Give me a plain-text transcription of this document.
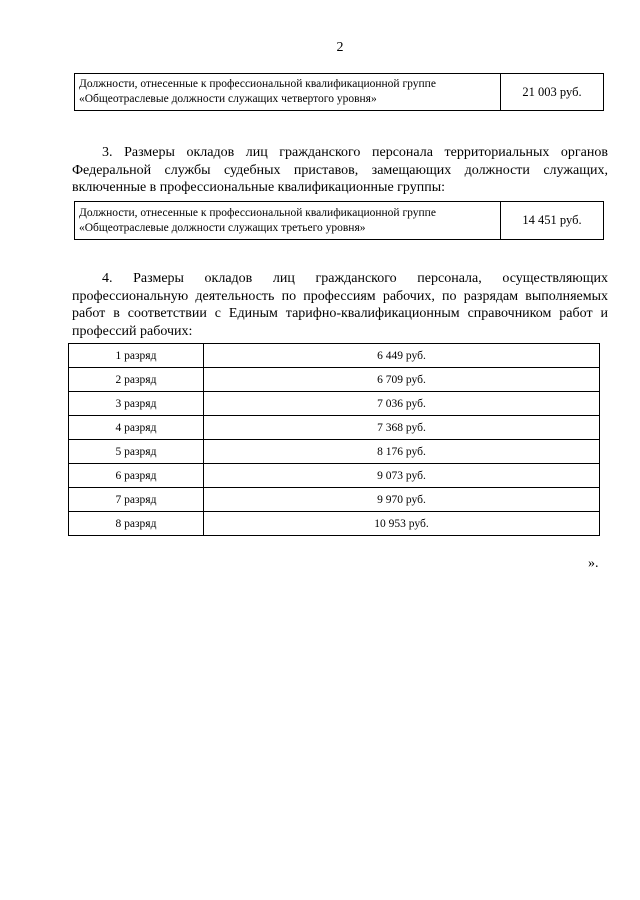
2
Должности, отнесенные к профессиональной квалификационной группе
«Общеотраслевые должности служащих четвертого уровня»
	21 003 руб.

3. Размеры окладов лиц гражданского персонала территориальных органов Федеральной службы судебных приставов, замещающих должности служащих, включенные в профессиональные квалификационные группы:

Должности, отнесенные к профессиональной квалификационной группе
«Общеотраслевые должности служащих третьего уровня»
	14 451 руб.

4. Размеры окладов лиц гражданского персонала, осуществляющих профессиональную деятельность по профессиям рабочих, по разрядам выполняемых работ в соответствии с Единым тарифно-квалификационным справочником работ и профессий рабочих:

1 разряд	6 449 руб.
2 разряд	6 709 руб.
3 разряд	7 036 руб.
4 разряд	7 368 руб.
5 разряд	8 176 руб.
6 разряд	9 073 руб.
7 разряд	9 970 руб.
8 разряд	10 953 руб.
».
